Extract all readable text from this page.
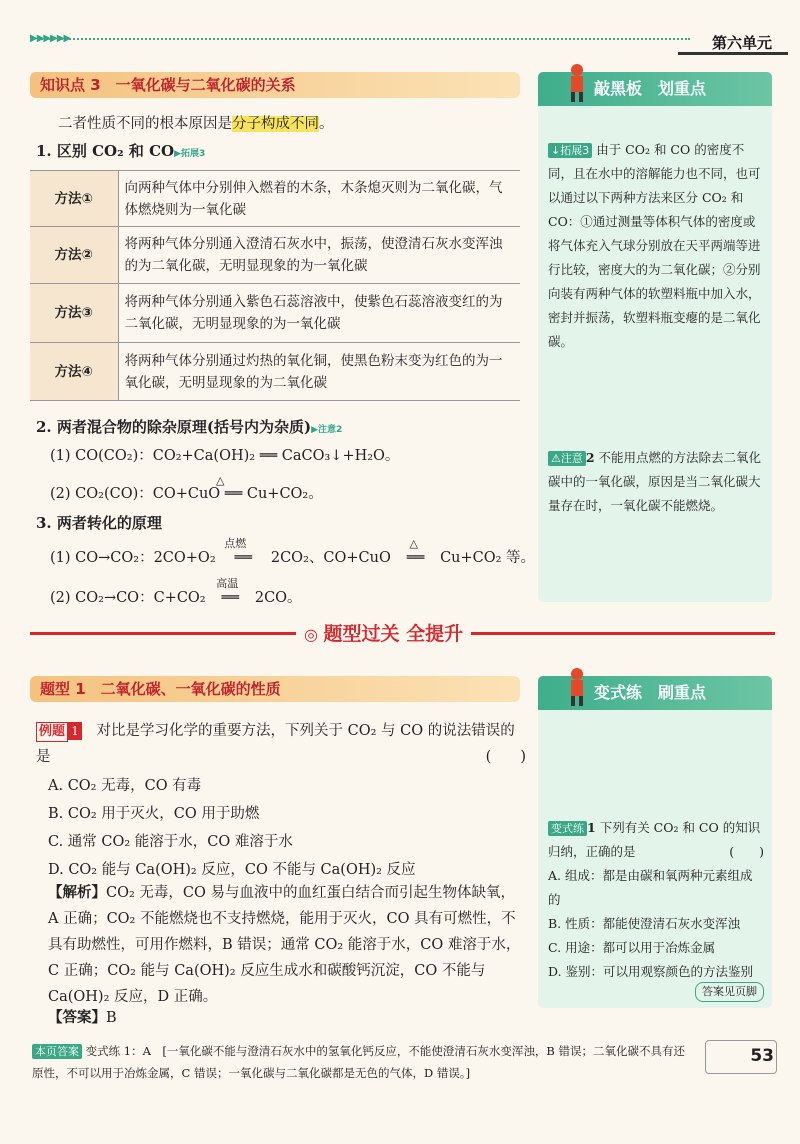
▶▶▶▶▶▶	第六单元
知识点 3　一氧化碳与二氧化碳的关系
二者性质不同的根本原因是分子构成不同。
1. 区别 CO₂ 和 CO▶拓展3
方法①	向两种气体中分别伸入燃着的木条，木条熄灭则为二氧化碳，气体燃烧则为一氧化碳
方法②	将两种气体分别通入澄清石灰水中，振荡，使澄清石灰水变浑浊的为二氧化碳，无明显现象的为一氧化碳
方法③	将两种气体分别通入紫色石蕊溶液中，使紫色石蕊溶液变红的为二氧化碳，无明显现象的为一氧化碳
方法④	将两种气体分别通过灼热的氧化铜，使黑色粉末变为红色的为一氧化碳，无明显现象的为二氧化碳
2. 两者混合物的除杂原理(括号内为杂质)▶注意2
(1) CO(CO₂)：CO₂+Ca(OH)₂ ══ CaCO₃↓+H₂O。
△
(2) CO₂(CO)：CO+CuO ══ Cu+CO₂。
3. 两者转化的原理
(1) CO→CO₂：2CO+O₂
点燃
══ 2CO₂、CO+CuO
△
══ Cu+CO₂ 等。
(2) CO₂→CO：C+CO₂
高温
══ 2CO。
敲黑板　划重点
↓拓展3 由于 CO₂ 和 CO 的密度不同，且在水中的溶解能力也不同，也可以通过以下两种方法来区分 CO₂ 和 CO：①通过测量等体积气体的密度或将气体充入气球分别放在天平两端等进行比较，密度大的为二氧化碳；②分别向装有两种气体的软塑料瓶中加入水，密封并振荡，软塑料瓶变瘪的是二氧化碳。
⚠注意 2 不能用点燃的方法除去二氧化碳中的一氧化碳，原因是当二氧化碳大量存在时，一氧化碳不能燃烧。
◎ 题型过关 全提升
题型 1　二氧化碳、一氧化碳的性质
例题 1　 对比是学习化学的重要方法，下列关于 CO₂ 与 CO 的说法错误的是	(　　)
A. CO₂ 无毒，CO 有毒
B. CO₂ 用于灭火，CO 用于助燃
C. 通常 CO₂ 能溶于水，CO 难溶于水
D. CO₂ 能与 Ca(OH)₂ 反应，CO 不能与 Ca(OH)₂ 反应
【解析】CO₂ 无毒，CO 易与血液中的血红蛋白结合而引起生物体缺氧，A 正确；CO₂ 不能燃烧也不支持燃烧，能用于灭火，CO 具有可燃性，不具有助燃性，可用作燃料，B 错误；通常 CO₂ 能溶于水，CO 难溶于水，C 正确；CO₂ 能与 Ca(OH)₂ 反应生成水和碳酸钙沉淀，CO 不能与 Ca(OH)₂ 反应，D 正确。
【答案】B
变式练　刷重点
变式练 1 下列有关 CO₂ 和 CO 的知识归纳，正确的是	(　　)
A. 组成：都是由碳和氧两种元素组成的
B. 性质：都能使澄清石灰水变浑浊
C. 用途：都可以用于冶炼金属
D. 鉴别：可以用观察颜色的方法鉴别
答案见页脚
本页答案 变式练 1：A　[一氧化碳不能与澄清石灰水中的氢氧化钙反应，不能使澄清石灰水变浑浊，B 错误；二氧化碳不具有还原性，不可以用于冶炼金属，C 错误；一氧化碳与二氧化碳都是无色的气体，D 错误。]
53
